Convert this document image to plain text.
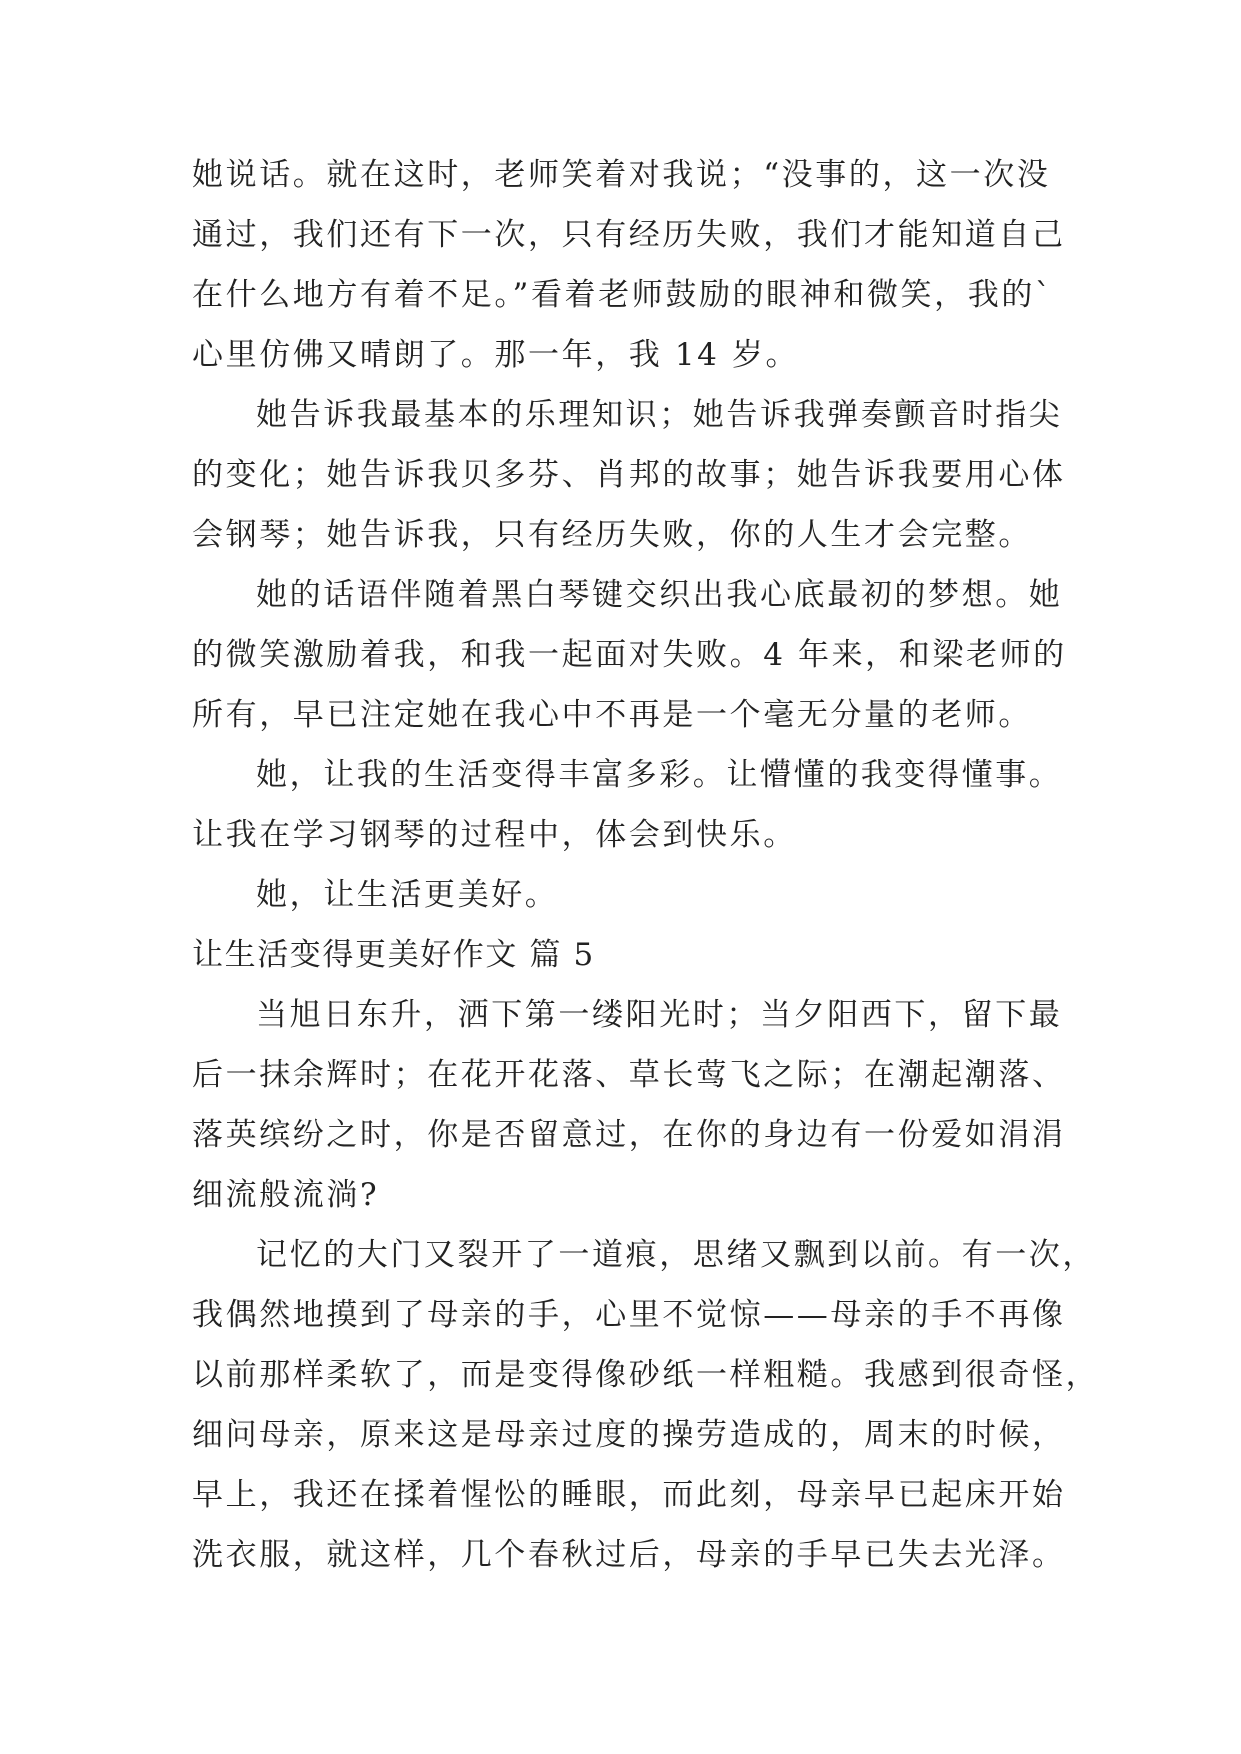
她说话。就在这时，老师笑着对我说；“没事的，这一次没
通过，我们还有下一次，只有经历失败，我们才能知道自己
在什么地方有着不足。”看着老师鼓励的眼神和微笑，我的`
心里仿佛又晴朗了。那一年，我 14 岁。
她告诉我最基本的乐理知识；她告诉我弹奏颤音时指尖
的变化；她告诉我贝多芬、肖邦的故事；她告诉我要用心体
会钢琴；她告诉我，只有经历失败，你的人生才会完整。
她的话语伴随着黑白琴键交织出我心底最初的梦想。她
的微笑激励着我，和我一起面对失败。4 年来，和梁老师的
所有，早已注定她在我心中不再是一个毫无分量的老师。
她，让我的生活变得丰富多彩。让懵懂的我变得懂事。
让我在学习钢琴的过程中，体会到快乐。
她，让生活更美好。
让生活变得更美好作文 篇 5
当旭日东升，洒下第一缕阳光时；当夕阳西下，留下最
后一抹余辉时；在花开花落、草长莺飞之际；在潮起潮落、
落英缤纷之时，你是否留意过，在你的身边有一份爱如涓涓
细流般流淌?
记忆的大门又裂开了一道痕，思绪又飘到以前。有一次，
我偶然地摸到了母亲的手，心里不觉惊——母亲的手不再像
以前那样柔软了，而是变得像砂纸一样粗糙。我感到很奇怪，
细问母亲，原来这是母亲过度的操劳造成的，周末的时候，
早上，我还在揉着惺忪的睡眼，而此刻，母亲早已起床开始
洗衣服，就这样，几个春秋过后，母亲的手早已失去光泽。
